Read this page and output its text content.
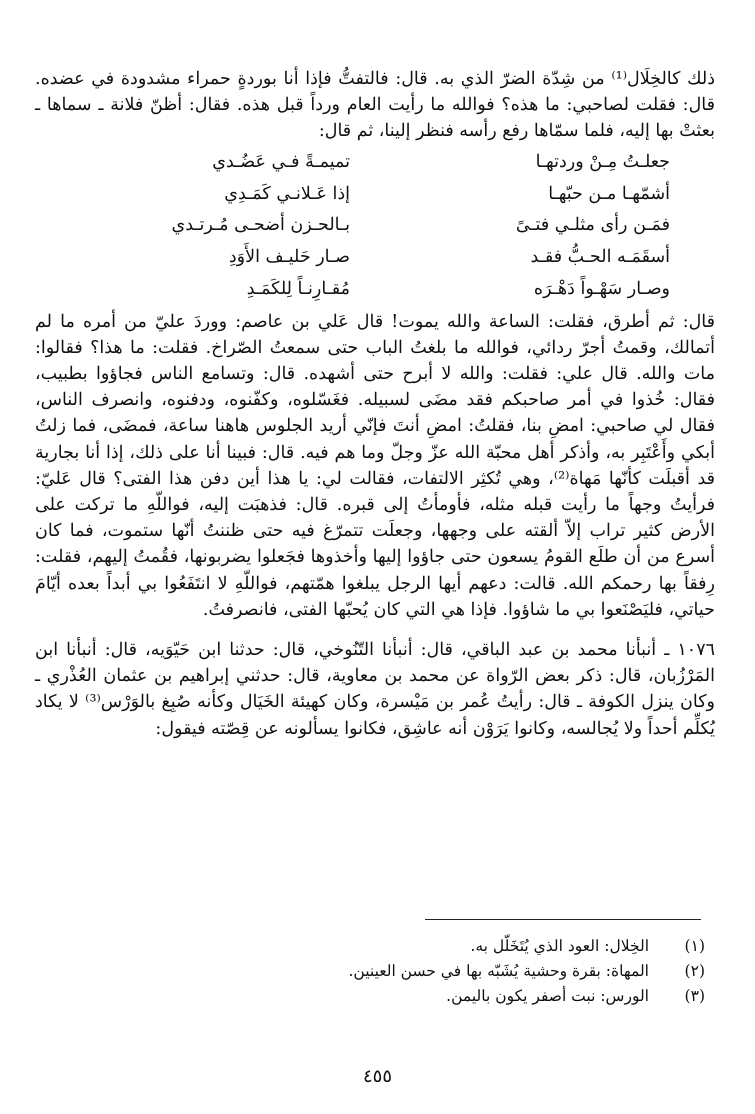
ذلك كالخِلَال⁽¹⁾ من شِدّة الضرّ الذي به. قال: فالتفتُّ فإذا أنا بوردةٍ حمراء مشدودة في عضده. قال: فقلت لصاحبي: ما هذه؟ فوالله ما رأيت العام ورداً قبل هذه. فقال: أظنّ فلانة ـ سماها ـ بعثتْ بها إليه، فلما سمّاها رفع رأسه فنظر إلينا، ثم قال:

جعلـتُ مِـنْ وردتهـا
تميمـةً فـي عَضُـدي
أشمّهـا مـن حبّهـا
إذا عَـلانـي كَمَـدِي
فمَـن رأى مثلـي فتـىً
بـالحـزن أضحـى مُـرتـدي
أسقَمَـه الحـبُّ فقـد
صـار حَليـف الأَوَدِ
وصـار سَهْـواً دَهْـرَه
مُقـارِنـاً لِلكَمَـدِ

قال: ثم أطرق، فقلت: الساعة والله يموت! قال عَلي بن عاصم: ووردَ عليّ من أمره ما لم أتمالك، وقمتُ أجرّ ردائي، فوالله ما بلغتُ الباب حتى سمعتُ الصّراخ. فقلت: ما هذا؟ فقالوا: مات والله. قال علي: فقلت: والله لا أبرح حتى أشهده. قال: وتسامع الناس فجاؤوا بطبيب، فقال: خُذوا في أمر صاحبكم فقد مضَى لسبيله. فغَسّلوه، وكفّنوه، ودفنوه، وانصرف الناس، فقال لي صاحبي: امضِ بنا، فقلتُ: امضِ أنتَ فإنّي أريد الجلوس هاهنا ساعة، فمضَى، فما زلتُ أبكي وأَعْتَبِر به، وأذكر أهل محبّة الله عزّ وجلّ وما هم فيه. قال: فبينا أنا على ذلك، إذا أنا بجارية قد أقبلَت كأنّها مَهاة⁽²⁾، وهي تُكثِر الالتفات، فقالت لي: يا هذا أين دفن هذا الفتى؟ قال عَليّ: فرأيتُ وجهاً ما رأيت قبله مثله، فأومأتُ إلى قبره. قال: فذهبَت إليه، فواللّهِ ما تركت على الأرض كثير تراب إلاّ ألقته على وجهها، وجعلَت تتمرّغ فيه حتى ظننتُ أنّها ستموت، فما كان أسرع من أن طلَع القومُ يسعون حتى جاؤوا إليها وأخذوها فجَعلوا يضربونها، فقُمتُ إليهم، فقلت: رِفقاً بها رحمكم الله. قالت: دعهم أيها الرجل يبلغوا همّتهم، فواللّهِ لا انتَفَعُوا بي أبداً بعده أيّامَ حياتي، فليَصْنَعوا بي ما شاؤوا. فإذا هي التي كان يُحبّها الفتى، فانصرفتُ.

١٠٧٦ ـ أنبأنا محمد بن عبد الباقي، قال: أنبأنا التّنُوخي، قال: حدثنا ابن حَيّوَيه، قال: أنبأنا ابن المَرْزُبان، قال: ذكر بعض الرّواة عن محمد بن معاوية، قال: حدثني إبراهيم بن عثمان العُذْري ـ وكان ينزل الكوفة ـ قال: رأيتُ عُمر بن مَيْسرة، وكان كهيئة الخَيَال وكأنه صُبِغ بالوَرْس⁽³⁾ لا يكاد يُكلِّم أحداً ولا يُجالسه، وكانوا يَرَوْن أنه عاشِق، فكانوا يسألونه عن قِصّته فيقول:

(١)
الخِلال: العود الذي يُتَخَلّل به.
(٢)
المهاة: بقرة وحشية يُشَبّه بها في حسن العينين.
(٣)
الورس: نبت أصفر يكون باليمن.
٤٥٥
